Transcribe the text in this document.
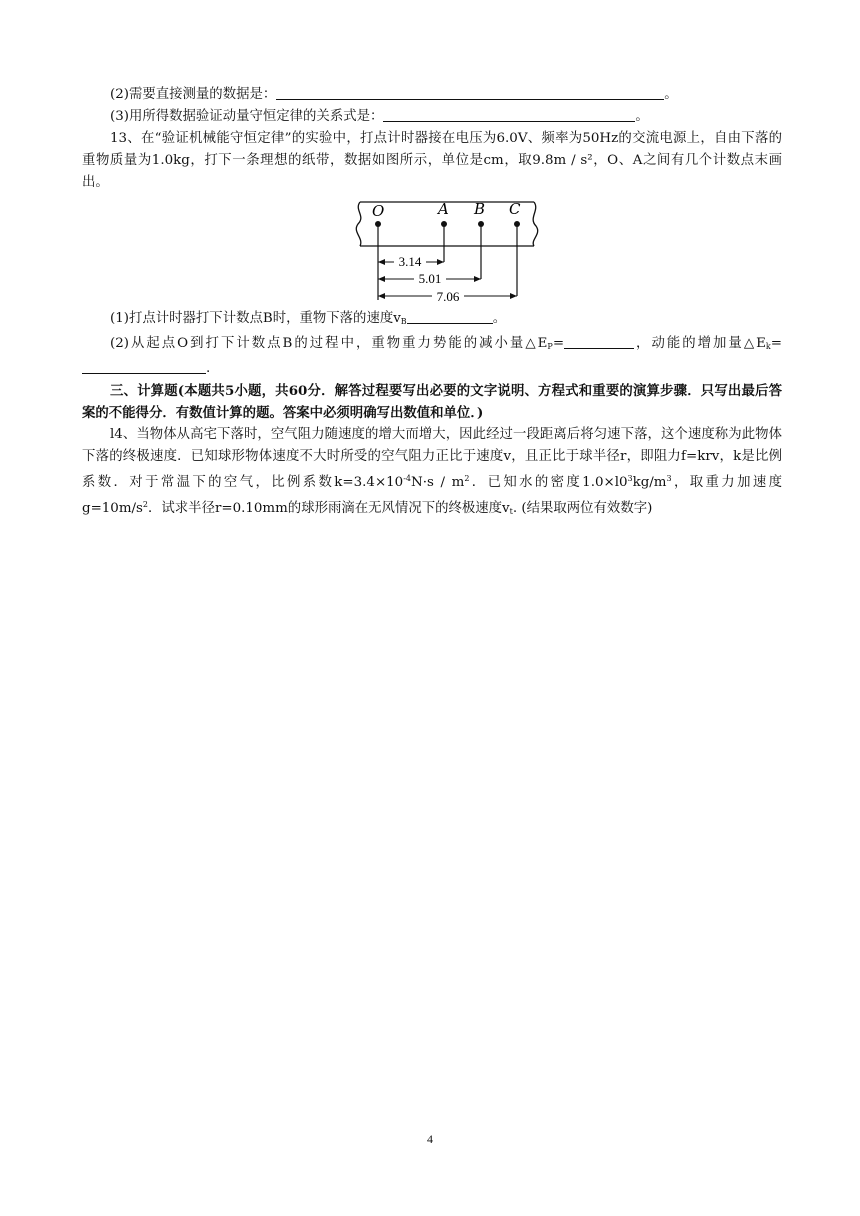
(2)需要直接测量的数据是：	。

(3)用所得数据验证动量守恒定律的关系式是：	。

13、在“验证机械能守恒定律”的实验中，打点计时器接在电压为6.0V、频率为50Hz的交流电源上，自由下落的重物质量为1.0kg，打下一条理想的纸带，数据如图所示，单位是cm，取9.8m / s²，O、A之间有几个计数点末画出。

O	A B C
3.14
5.01
7.06

(1)打点计时器打下计数点B时，重物下落的速度$v_B$	。

(2)从起点O到打下计数点B的过程中，重物重力势能的减小量$\triangle E_P=$	，动能的增加量$\triangle E_k=$.

三、计算题(本题共5小题，共60分．解答过程要写出必要的文字说明、方程式和重要的演算步骤．只写出最后答案的不能得分．有数值计算的题。答案中必须明确写出数值和单位．)

l4、当物体从高宅下落时，空气阻力随速度的增大而增大，因此经过一段距离后将匀速下落，这个速度称为此物体下落的终极速度．已知球形物体速度不大时所受的空气阻力正比于速度v，且正比于球半径r，即阻力f=krv，k是比例系数．对于常温下的空气，比例系数$k=3.4\times 10^{-4}N\cdot s / m^2$．已知水的密度$1.0\times l0^3kg/m^3$，取重力加速度$g=10m/s^2$．试求半径r=0.10mm的球形雨滴在无风情况下的终极速度$v_t$. (结果取两位有效数字)

4
